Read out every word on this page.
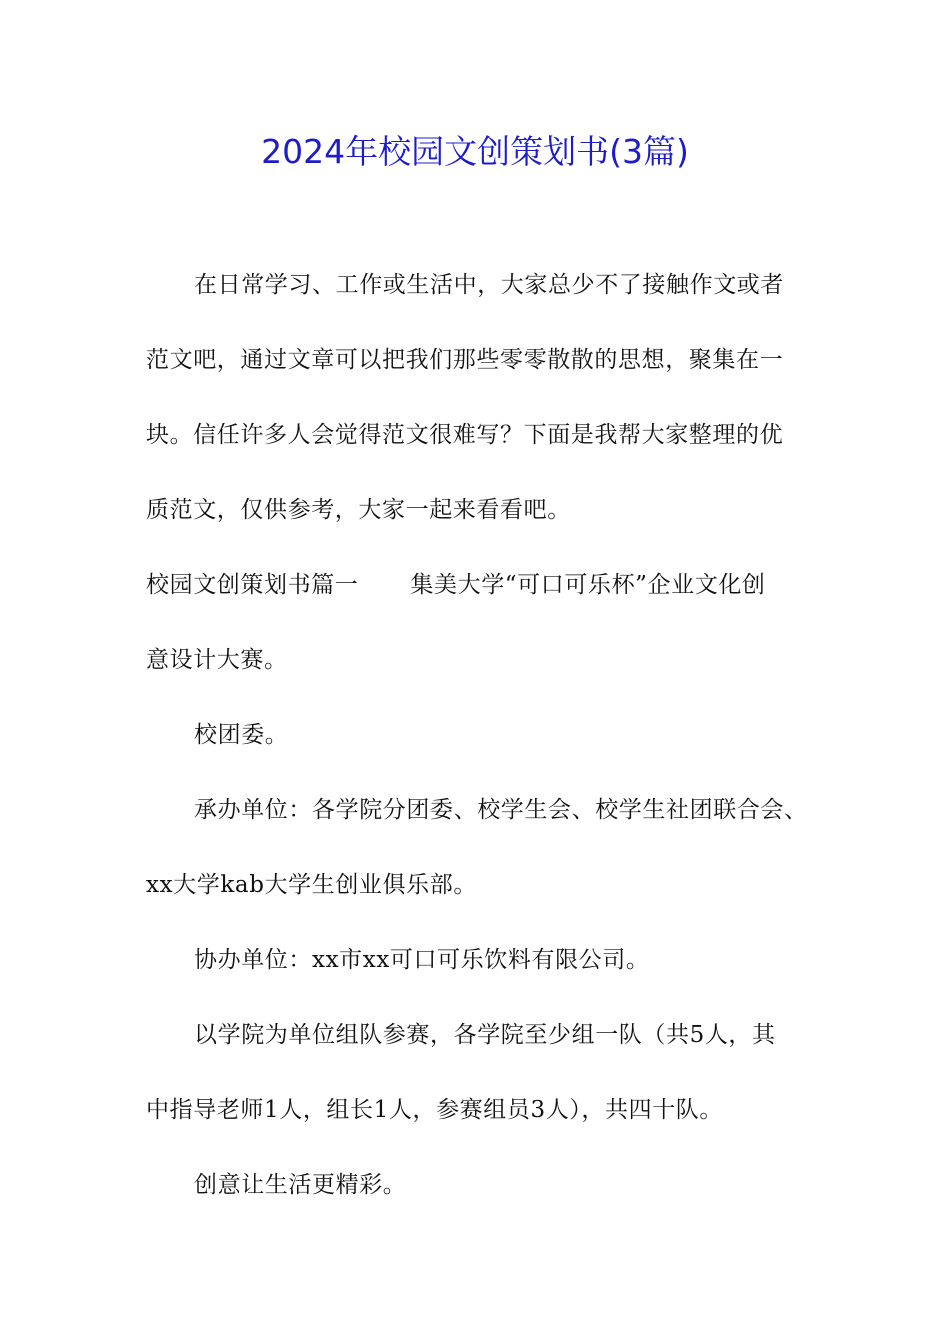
2024年校园文创策划书(3篇)
在日常学习、工作或生活中，大家总少不了接触作文或者
范文吧，通过文章可以把我们那些零零散散的思想，聚集在一
块。信任许多人会觉得范文很难写？下面是我帮大家整理的优
质范文，仅供参考，大家一起来看看吧。
校园文创策划书篇一 集美大学“可口可乐杯”企业文化创
意设计大赛。
校团委。
承办单位：各学院分团委、校学生会、校学生社团联合会、
xx大学kab大学生创业俱乐部。
协办单位：xx市xx可口可乐饮料有限公司。
以学院为单位组队参赛，各学院至少组一队（共5人，其
中指导老师1人，组长1人，参赛组员3人），共四十队。
创意让生活更精彩。
